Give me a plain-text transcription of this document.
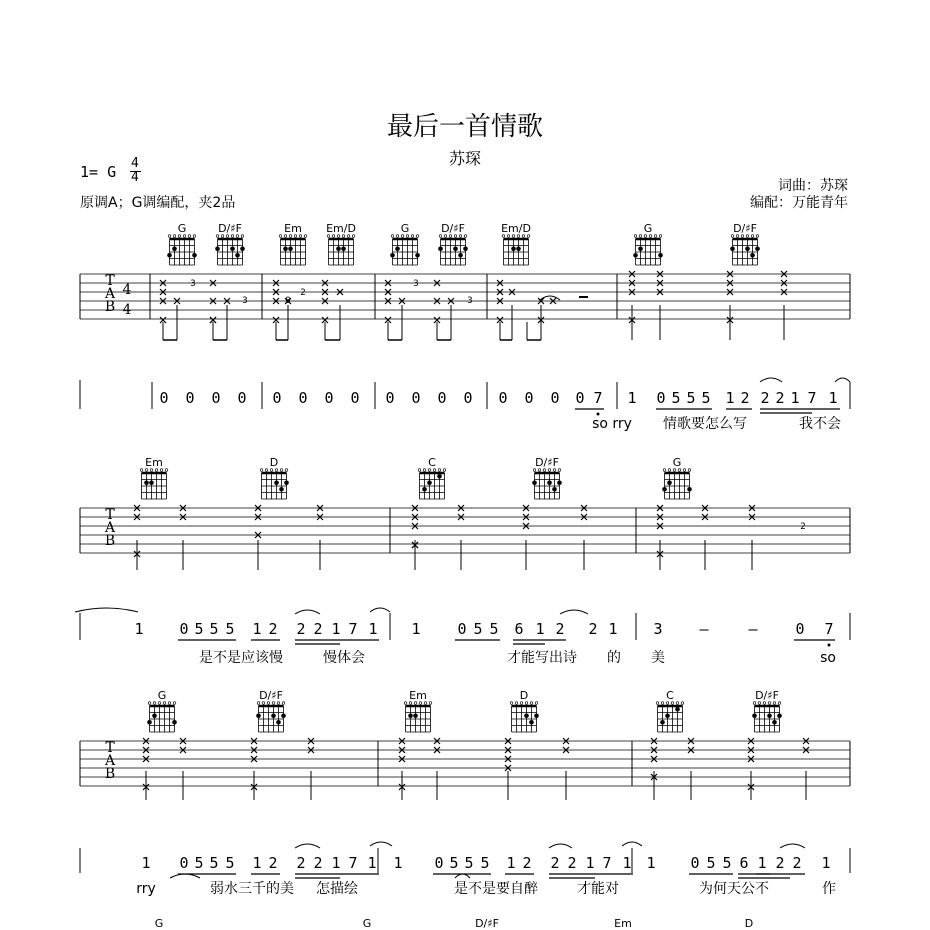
最后一首情歌
苏琛
1= G 4
4
原调A；G调编配，夹2品
词曲：苏琛
编配：万能青年
G	D/♯F	Em Em/D	G	D/♯F	Em/D	G	D/♯F
T
A
B
4
4
3
3	0
2
3
3
0 0 0 0 0 0 0 0 0 0 0 0 0 0 0 0 7 1 0 5 5 5 1 2 2 2 1 7 1
so rry 情歌要怎么写	我不会
Em	D	C	D/♯F	G
T
A
B
2
1 0 5 5 5 1 2 2 2 1 7 1 1 0 5 5 6 1 2 2 1 3 –	–	0 7
是不是应该慢	慢体会	才能写出诗 的 美	so
G	D/♯F	Em	D	C	D/♯F
T
A
B
1 0 5 5 5 1 2 2 2 1 7 1 1 0 5 5 5 1 2 2 2 1 7 1 1 0 5 5 6 1 2 2 1
rry	弱水三千的美 怎描绘	是不是要自醉	才能对	为何天公不	作
G	G	D/♯F	Em	D
